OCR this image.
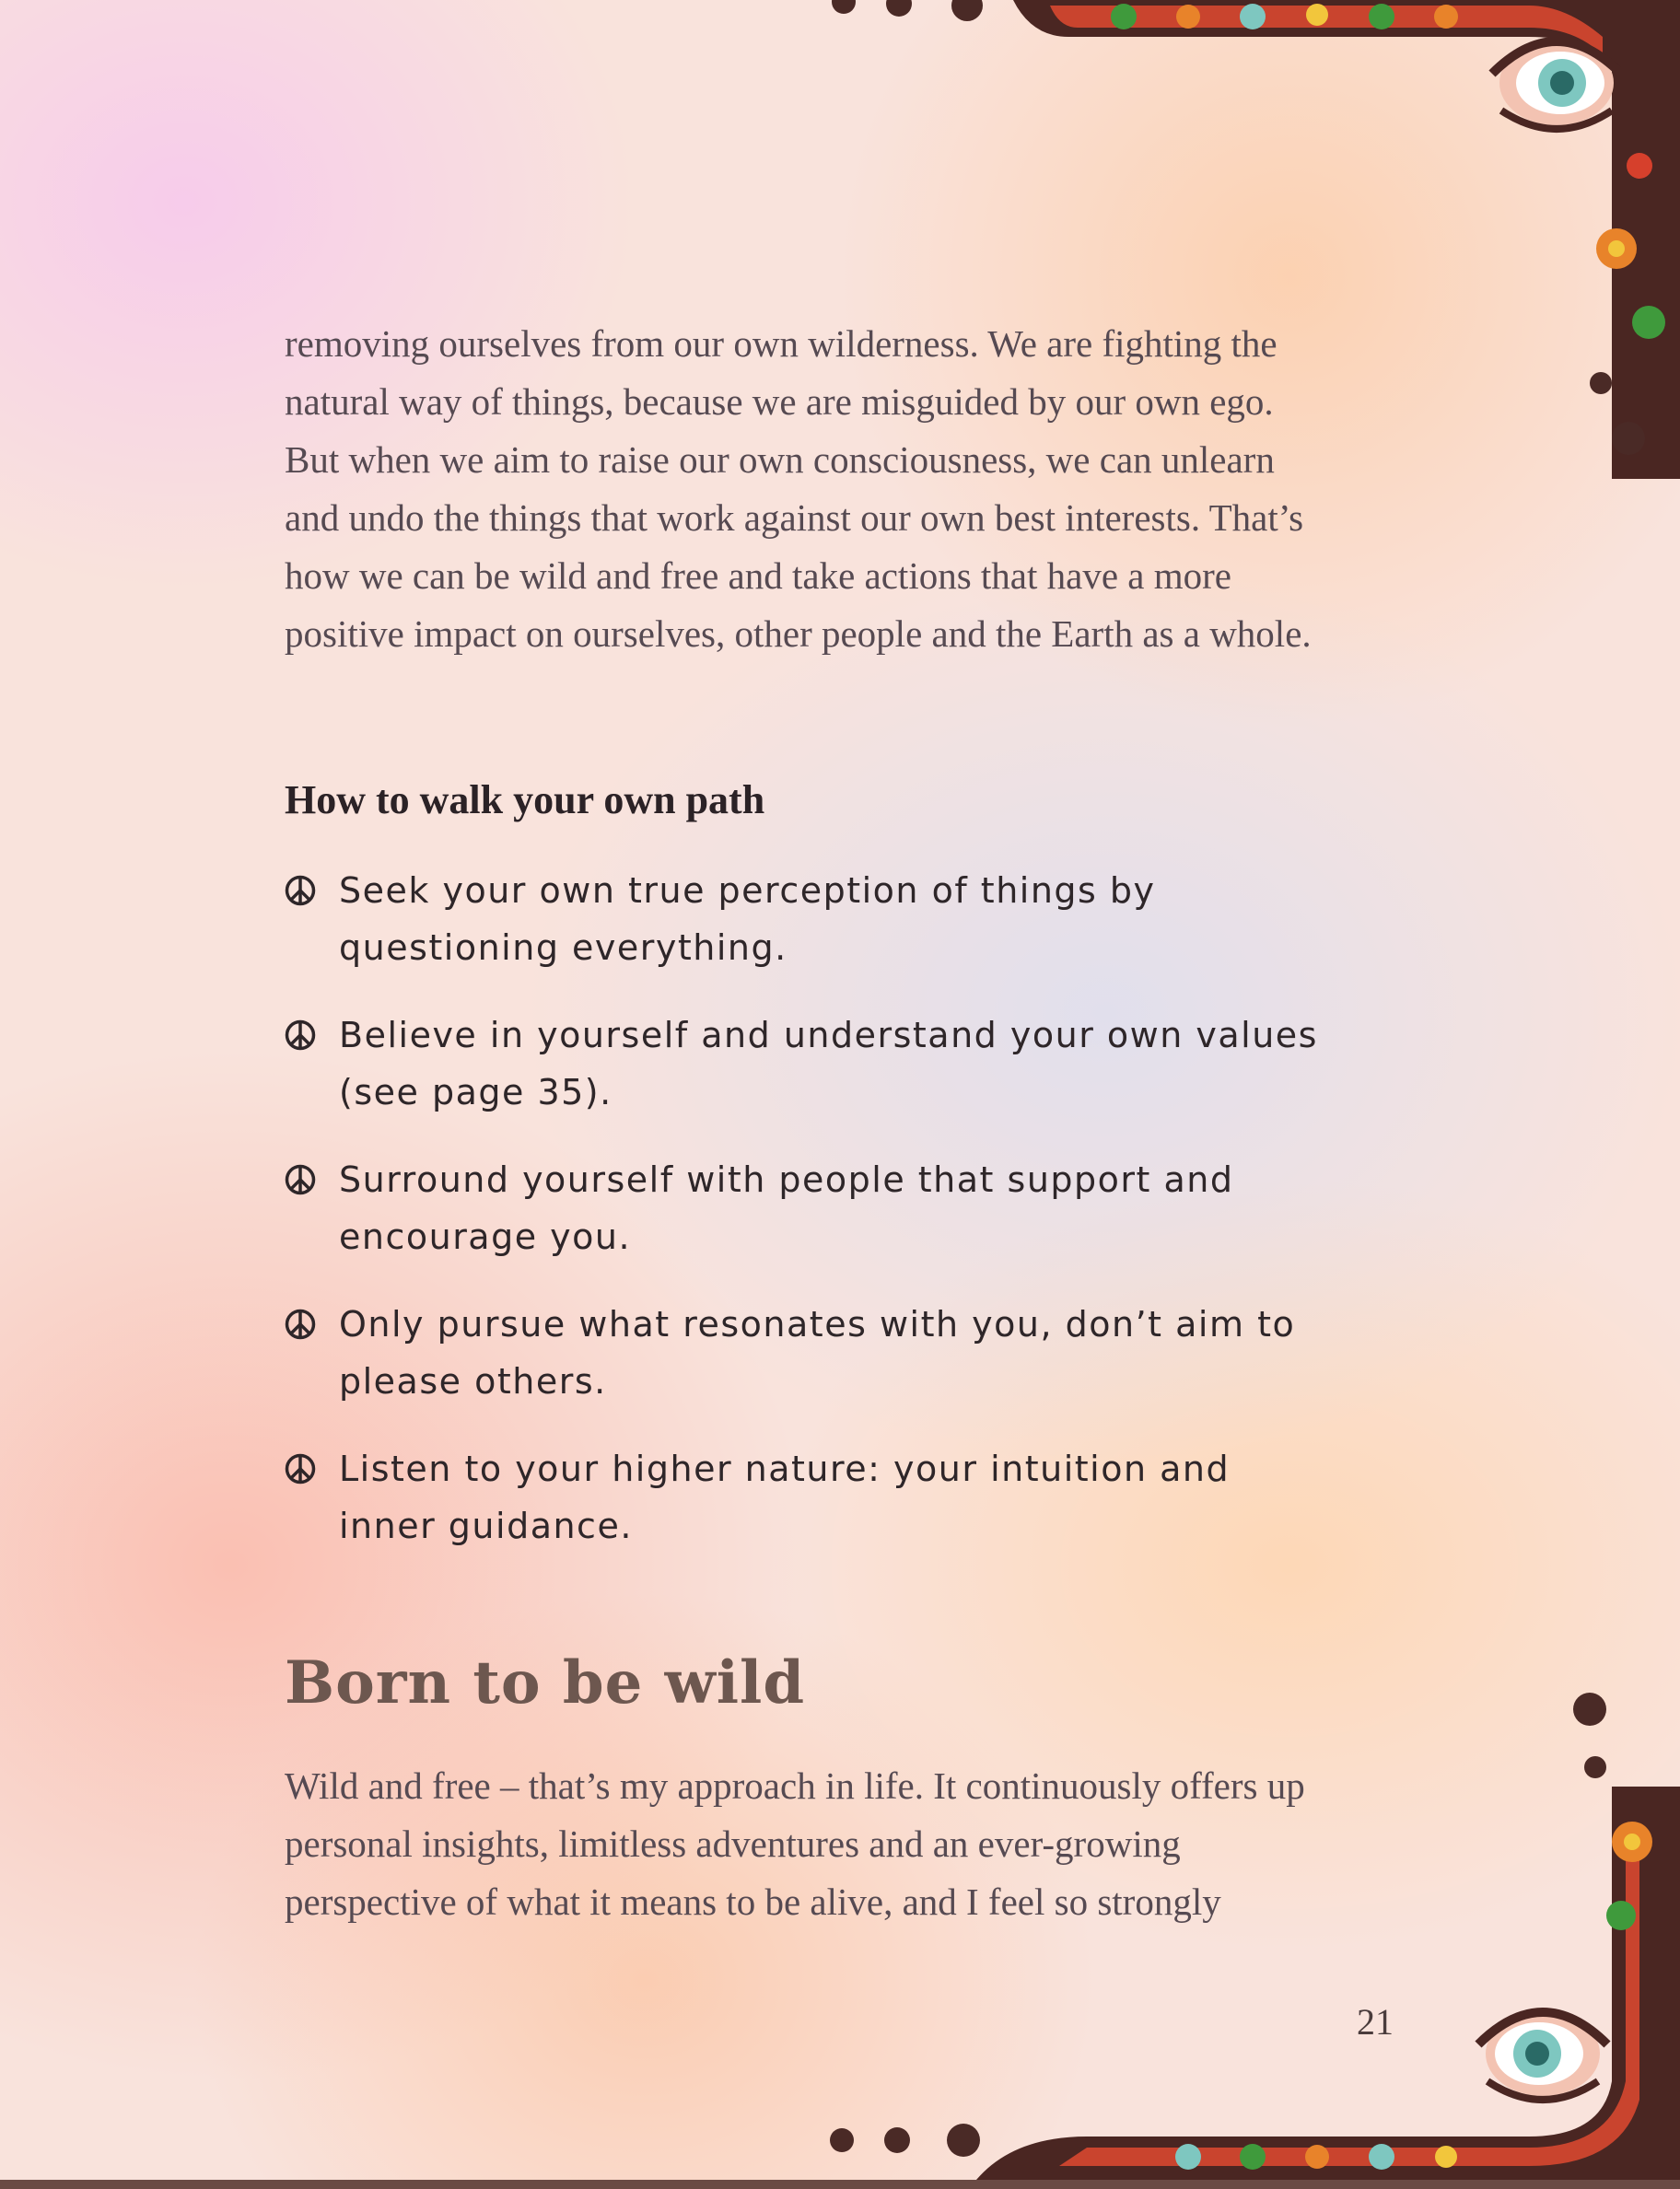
removing ourselves from our own wilderness. We are fighting the natural way of things, because we are misguided by our own ego. But when we aim to raise our own consciousness, we can unlearn and undo the things that work against our own best interests. That’s how we can be wild and free and take actions that have a more positive impact on ourselves, other people and the Earth as a whole.

How to walk your own path
Seek your own true perception of things by questioning everything.
Believe in yourself and understand your own values (see page 35).
Surround yourself with people that support and encourage you.
Only pursue what resonates with you, don’t aim to please others.
Listen to your higher nature: your intuition and inner guidance.
Born to be wild

Wild and free – that’s my approach in life. It continuously offers up personal insights, limitless adventures and an ever-growing perspective of what it means to be alive, and I feel so strongly

21
